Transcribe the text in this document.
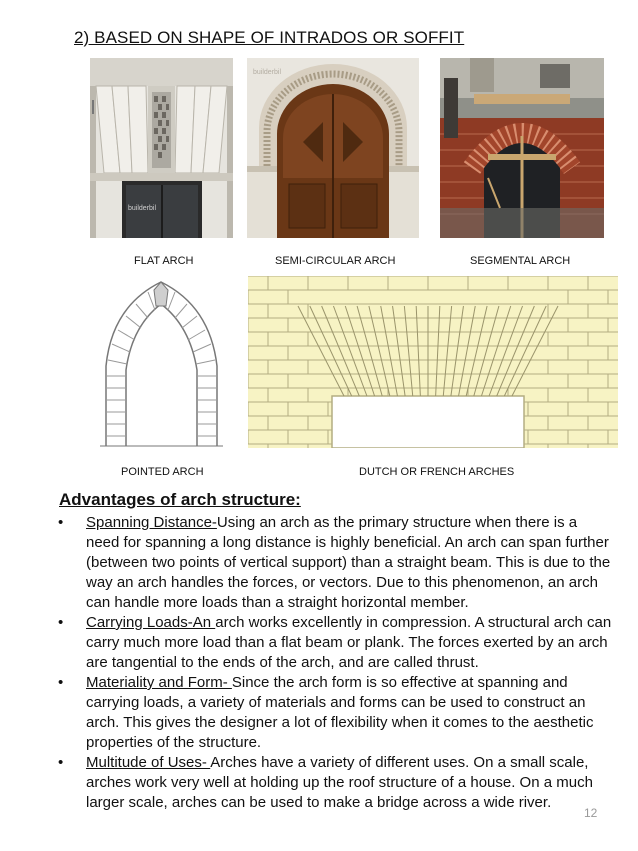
2) BASED ON SHAPE OF INTRADOS OR SOFFIT
builderbil
FLAT ARCH
builderbil
SEMI-CIRCULAR ARCH	SEGMENTAL ARCH
POINTED ARCH	DUTCH OR FRENCH ARCHES
Advantages of arch structure:
• Spanning Distance-Using an arch as the primary structure when there is a need for spanning a long distance is highly beneficial. An arch can span further (between two points of vertical support) than a straight beam. This is due to the way an arch handles the forces, or vectors. Due to this phenomenon, an arch can handle more loads than a straight horizontal member.
• Carrying Loads-An arch works excellently in compression. A structural arch can carry much more load than a flat beam or plank. The forces exerted by an arch are tangential to the ends of the arch, and are called thrust.
• Materiality and Form- Since the arch form is so effective at spanning and carrying loads, a variety of materials and forms can be used to construct an arch. This gives the designer a lot of flexibility when it comes to the aesthetic properties of the structure.
• Multitude of Uses- Arches have a variety of different uses. On a small scale, arches work very well at holding up the roof structure of a house. On a much larger scale, arches can be used to make a bridge across a wide river.
12
